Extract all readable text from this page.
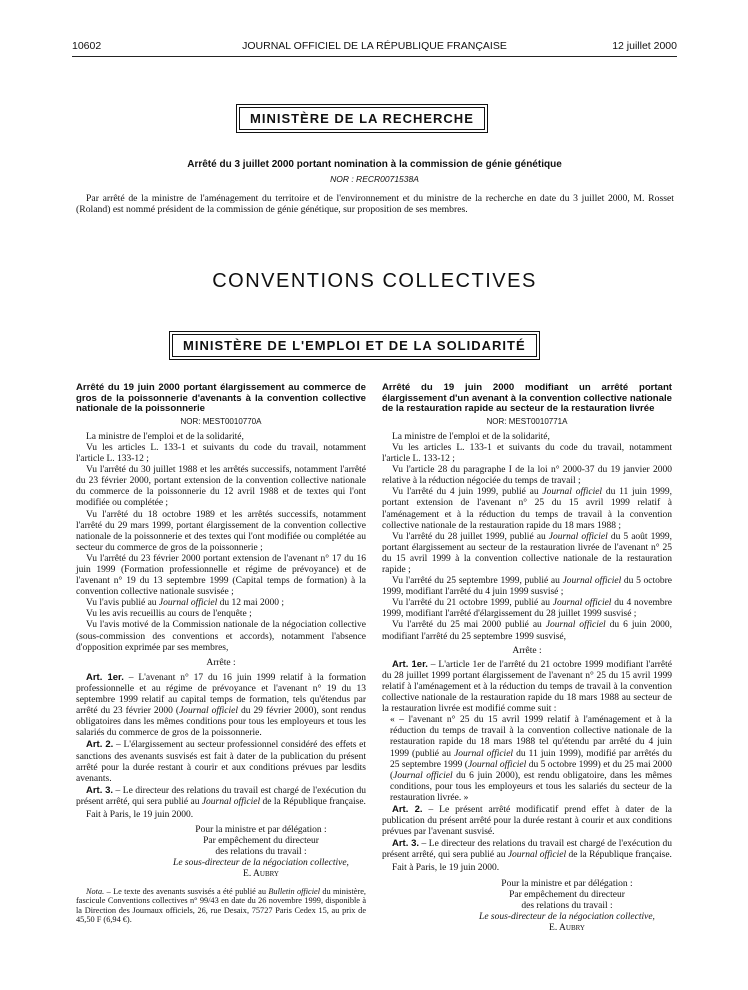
10602	JOURNAL OFFICIEL DE LA RÉPUBLIQUE FRANÇAISE	12 juillet 2000
MINISTÈRE DE LA RECHERCHE
Arrêté du 3 juillet 2000 portant nomination à la commission de génie génétique
NOR : RECR0071538A
Par arrêté de la ministre de l'aménagement du territoire et de l'environnement et du ministre de la recherche en date du 3 juillet 2000, M. Rosset (Roland) est nommé président de la commission de génie génétique, sur proposition de ses membres.
CONVENTIONS COLLECTIVES
MINISTÈRE DE L'EMPLOI ET DE LA SOLIDARITÉ
Arrêté du 19 juin 2000 portant élargissement au commerce de gros de la poissonnerie d'avenants à la convention collective nationale de la poissonnerie
NOR: MEST0010770A

La ministre de l'emploi et de la solidarité,

Vu les articles L. 133-1 et suivants du code du travail, notamment l'article L. 133-12 ;

Vu l'arrêté du 30 juillet 1988 et les arrêtés successifs, notamment l'arrêté du 23 février 2000, portant extension de la convention collective nationale du commerce de la poissonnerie du 12 avril 1988 et de textes qui l'ont modifiée ou complétée ;

Vu l'arrêté du 18 octobre 1989 et les arrêtés successifs, notamment l'arrêté du 29 mars 1999, portant élargissement de la convention collective nationale de la poissonnerie et des textes qui l'ont modifiée ou complétée au secteur du commerce de gros de la poissonnerie ;

Vu l'arrêté du 23 février 2000 portant extension de l'avenant n° 17 du 16 juin 1999 (Formation professionnelle et régime de prévoyance) et de l'avenant n° 19 du 13 septembre 1999 (Capital temps de formation) à la convention collective nationale susvisée ;

Vu l'avis publié au Journal officiel du 12 mai 2000 ;

Vu les avis recueillis au cours de l'enquête ;

Vu l'avis motivé de la Commission nationale de la négociation collective (sous-commission des conventions et accords), notamment l'absence d'opposition exprimée par ses membres,

Arrête :

Art. 1er. – L'avenant n° 17 du 16 juin 1999 relatif à la formation professionnelle et au régime de prévoyance et l'avenant n° 19 du 13 septembre 1999 relatif au capital temps de formation, tels qu'étendus par arrêté du 23 février 2000 (Journal officiel du 29 février 2000), sont rendus obligatoires dans les mêmes conditions pour tous les employeurs et tous les salariés du commerce de gros de la poissonnerie.

Art. 2. – L'élargissement au secteur professionnel considéré des effets et sanctions des avenants susvisés est fait à dater de la publication du présent arrêté pour la durée restant à courir et aux conditions prévues par lesdits avenants.

Art. 3. – Le directeur des relations du travail est chargé de l'exécution du présent arrêté, qui sera publié au Journal officiel de la République française.

Fait à Paris, le 19 juin 2000.

Pour la ministre et par délégation :
Par empêchement du directeur
des relations du travail :
Le sous-directeur de la négociation collective,
E. Aubry

Nota. – Le texte des avenants susvisés a été publié au Bulletin officiel du ministère, fascicule Conventions collectives n° 99/43 en date du 26 novembre 1999, disponible à la Direction des Journaux officiels, 26, rue Desaix, 75727 Paris Cedex 15, au prix de 45,50 F (6,94 €).

Arrêté du 19 juin 2000 modifiant un arrêté portant élargissement d'un avenant à la convention collective nationale de la restauration rapide au secteur de la restauration livrée
NOR: MEST0010771A

La ministre de l'emploi et de la solidarité,

Vu les articles L. 133-1 et suivants du code du travail, notamment l'article L. 133-12 ;

Vu l'article 28 du paragraphe I de la loi n° 2000-37 du 19 janvier 2000 relative à la réduction négociée du temps de travail ;

Vu l'arrêté du 4 juin 1999, publié au Journal officiel du 11 juin 1999, portant extension de l'avenant n° 25 du 15 avril 1999 relatif à l'aménagement et à la réduction du temps de travail à la convention collective nationale de la restauration rapide du 18 mars 1988 ;

Vu l'arrêté du 28 juillet 1999, publié au Journal officiel du 5 août 1999, portant élargissement au secteur de la restauration livrée de l'avenant n° 25 du 15 avril 1999 à la convention collective nationale de la restauration rapide ;

Vu l'arrêté du 25 septembre 1999, publié au Journal officiel du 5 octobre 1999, modifiant l'arrêté du 4 juin 1999 susvisé ;

Vu l'arrêté du 21 octobre 1999, publié au Journal officiel du 4 novembre 1999, modifiant l'arrêté d'élargissement du 28 juillet 1999 susvisé ;

Vu l'arrêté du 25 mai 2000 publié au Journal officiel du 6 juin 2000, modifiant l'arrêté du 25 septembre 1999 susvisé,

Arrête :

Art. 1er. – L'article 1er de l'arrêté du 21 octobre 1999 modifiant l'arrêté du 28 juillet 1999 portant élargissement de l'avenant n° 25 du 15 avril 1999 relatif à l'aménagement et à la réduction du temps de travail à la convention collective nationale de la restauration rapide du 18 mars 1988 au secteur de la restauration livrée est modifié comme suit :

« – l'avenant n° 25 du 15 avril 1999 relatif à l'aménagement et à la réduction du temps de travail à la convention collective nationale de la restauration rapide du 18 mars 1988 tel qu'étendu par arrêté du 4 juin 1999 (publié au Journal officiel du 11 juin 1999), modifié par arrêtés du 25 septembre 1999 (Journal officiel du 5 octobre 1999) et du 25 mai 2000 (Journal officiel du 6 juin 2000), est rendu obligatoire, dans les mêmes conditions, pour tous les employeurs et tous les salariés du secteur de la restauration livrée. »

Art. 2. – Le présent arrêté modificatif prend effet à dater de la publication du présent arrêté pour la durée restant à courir et aux conditions prévues par l'avenant susvisé.

Art. 3. – Le directeur des relations du travail est chargé de l'exécution du présent arrêté, qui sera publié au Journal officiel de la République française.

Fait à Paris, le 19 juin 2000.

Pour la ministre et par délégation :
Par empêchement du directeur
des relations du travail :
Le sous-directeur de la négociation collective,
E. Aubry
